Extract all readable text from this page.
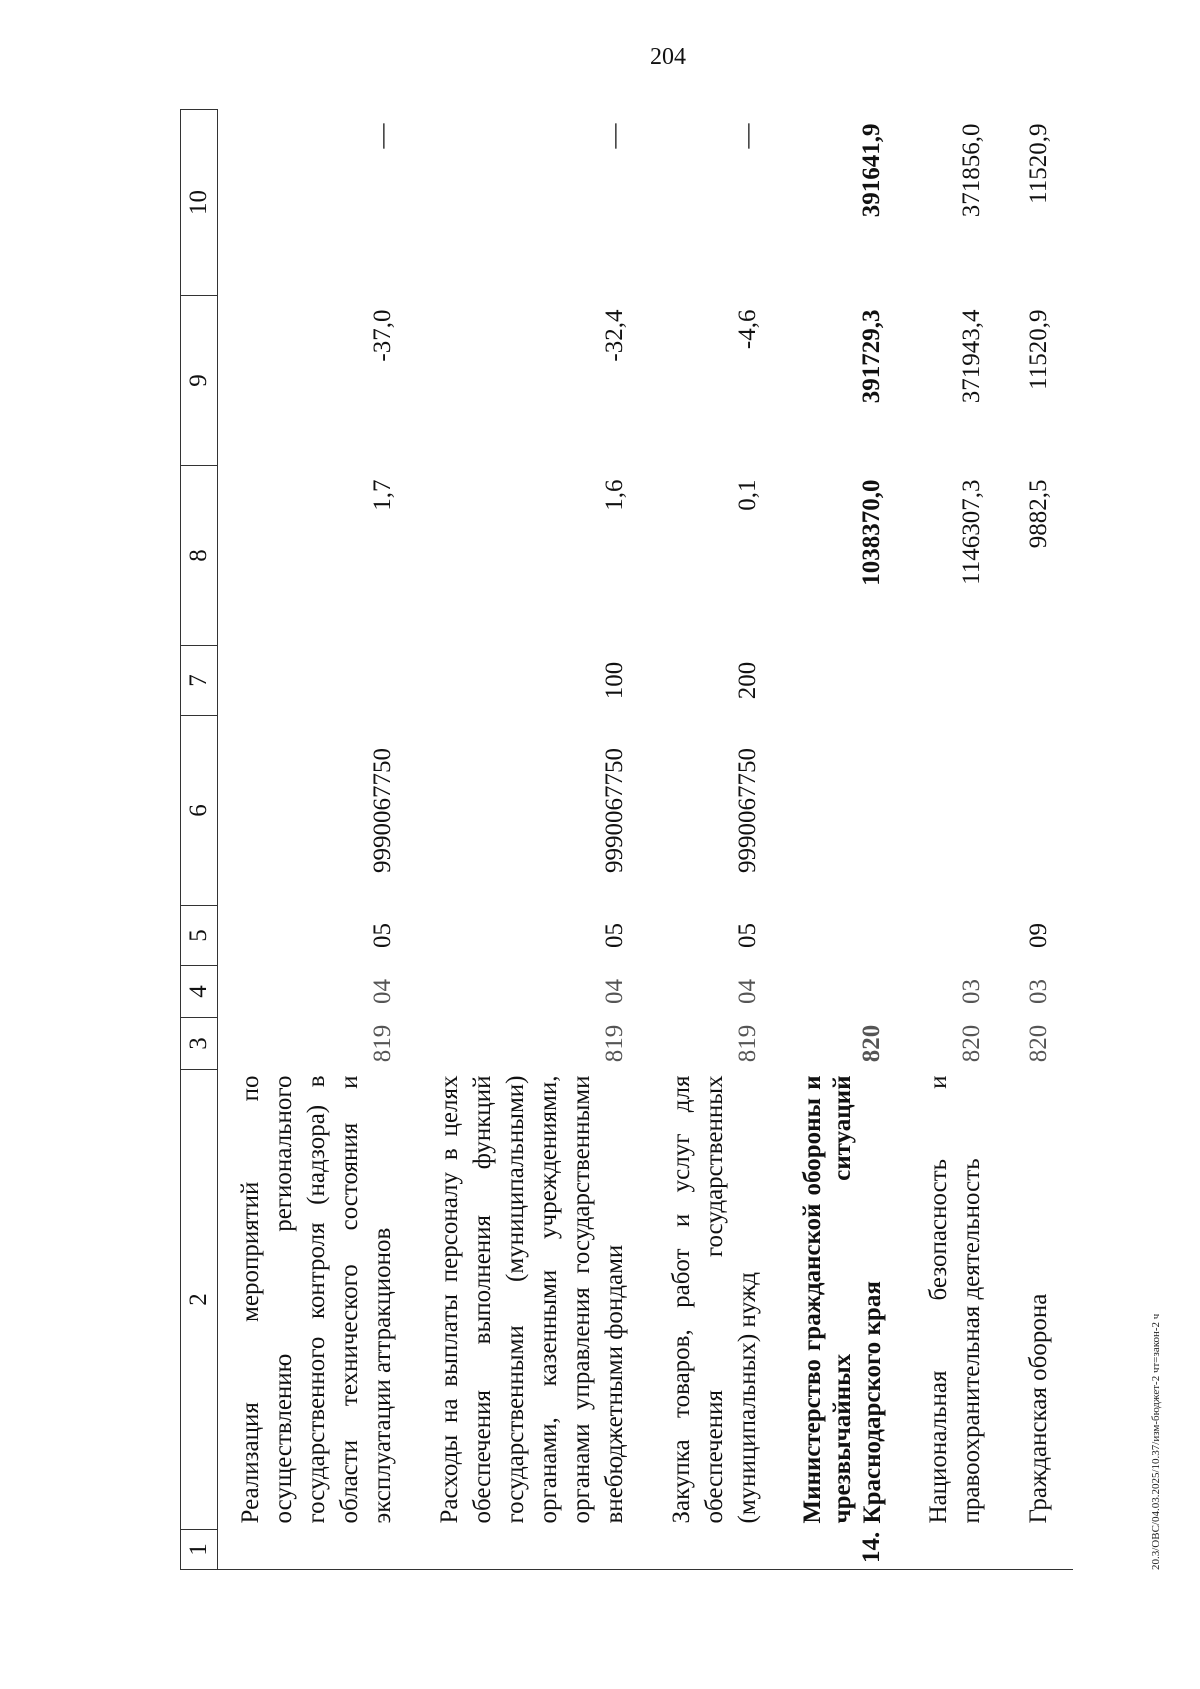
204
20.3/ОВС/04.03.2025/10.37/изм-бюджет-2 чт=закон-2 ч
1	2	3	4	5	6	7	8	9	10
	Реализация мероприятий по осуществлению регионального государственного контроля (надзора) в области технического состояния и эксплуатации аттракционов	819	04	05	9990067750		1,7	-37,0	—
	Расходы на выплаты персоналу в целях обеспечения выполнения функций государственными (муниципальными) органами, казенными учреждениями, органами управления государственными внебюджетными фондами	819	04	05	9990067750	100	1,6	-32,4	—
	Закупка товаров, работ и услуг для обеспечения государственных (муниципальных) нужд	819	04	05	9990067750	200	0,1	-4,6	—
14.	Министерство гражданской обороны и чрезвычайных ситуаций Краснодарского края	820					1038370,0	391729,3	391641,9
	Национальная безопасность и правоохранительная деятельность	820	03				1146307,3	371943,4	371856,0
	Гражданская оборона	820	03	09			9882,5	11520,9	11520,9
